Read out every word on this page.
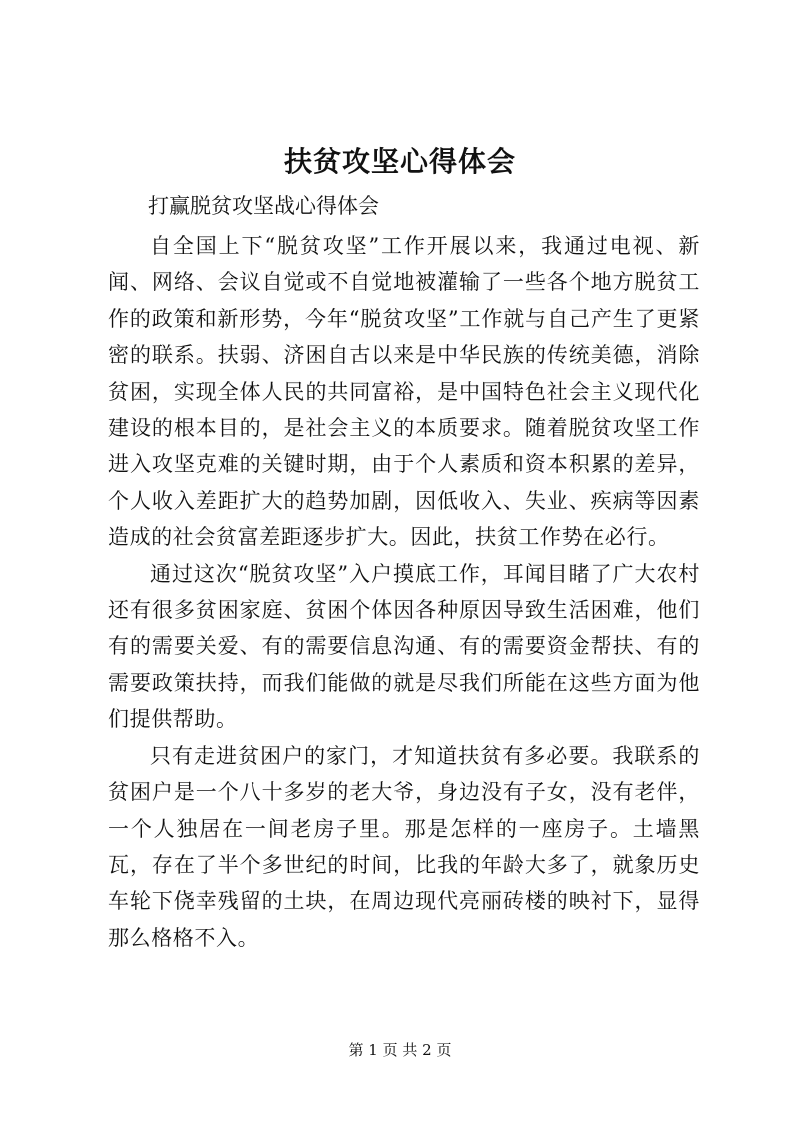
扶贫攻坚心得体会
打赢脱贫攻坚战心得体会

自全国上下“脱贫攻坚”工作开展以来，我通过电视、新闻、网络、会议自觉或不自觉地被灌输了一些各个地方脱贫工作的政策和新形势，今年“脱贫攻坚”工作就与自己产生了更紧密的联系。扶弱、济困自古以来是中华民族的传统美德，消除贫困，实现全体人民的共同富裕，是中国特色社会主义现代化建设的根本目的，是社会主义的本质要求。随着脱贫攻坚工作进入攻坚克难的关键时期，由于个人素质和资本积累的差异，个人收入差距扩大的趋势加剧，因低收入、失业、疾病等因素造成的社会贫富差距逐步扩大。因此，扶贫工作势在必行。

通过这次“脱贫攻坚”入户摸底工作，耳闻目睹了广大农村还有很多贫困家庭、贫困个体因各种原因导致生活困难，他们有的需要关爱、有的需要信息沟通、有的需要资金帮扶、有的需要政策扶持，而我们能做的就是尽我们所能在这些方面为他们提供帮助。

只有走进贫困户的家门，才知道扶贫有多必要。我联系的贫困户是一个八十多岁的老大爷，身边没有子女，没有老伴，一个人独居在一间老房子里。那是怎样的一座房子。土墙黑瓦，存在了半个多世纪的时间，比我的年龄大多了，就象历史车轮下侥幸残留的土块，在周边现代亮丽砖楼的映衬下，显得那么格格不入。

第 1 页 共 2 页
